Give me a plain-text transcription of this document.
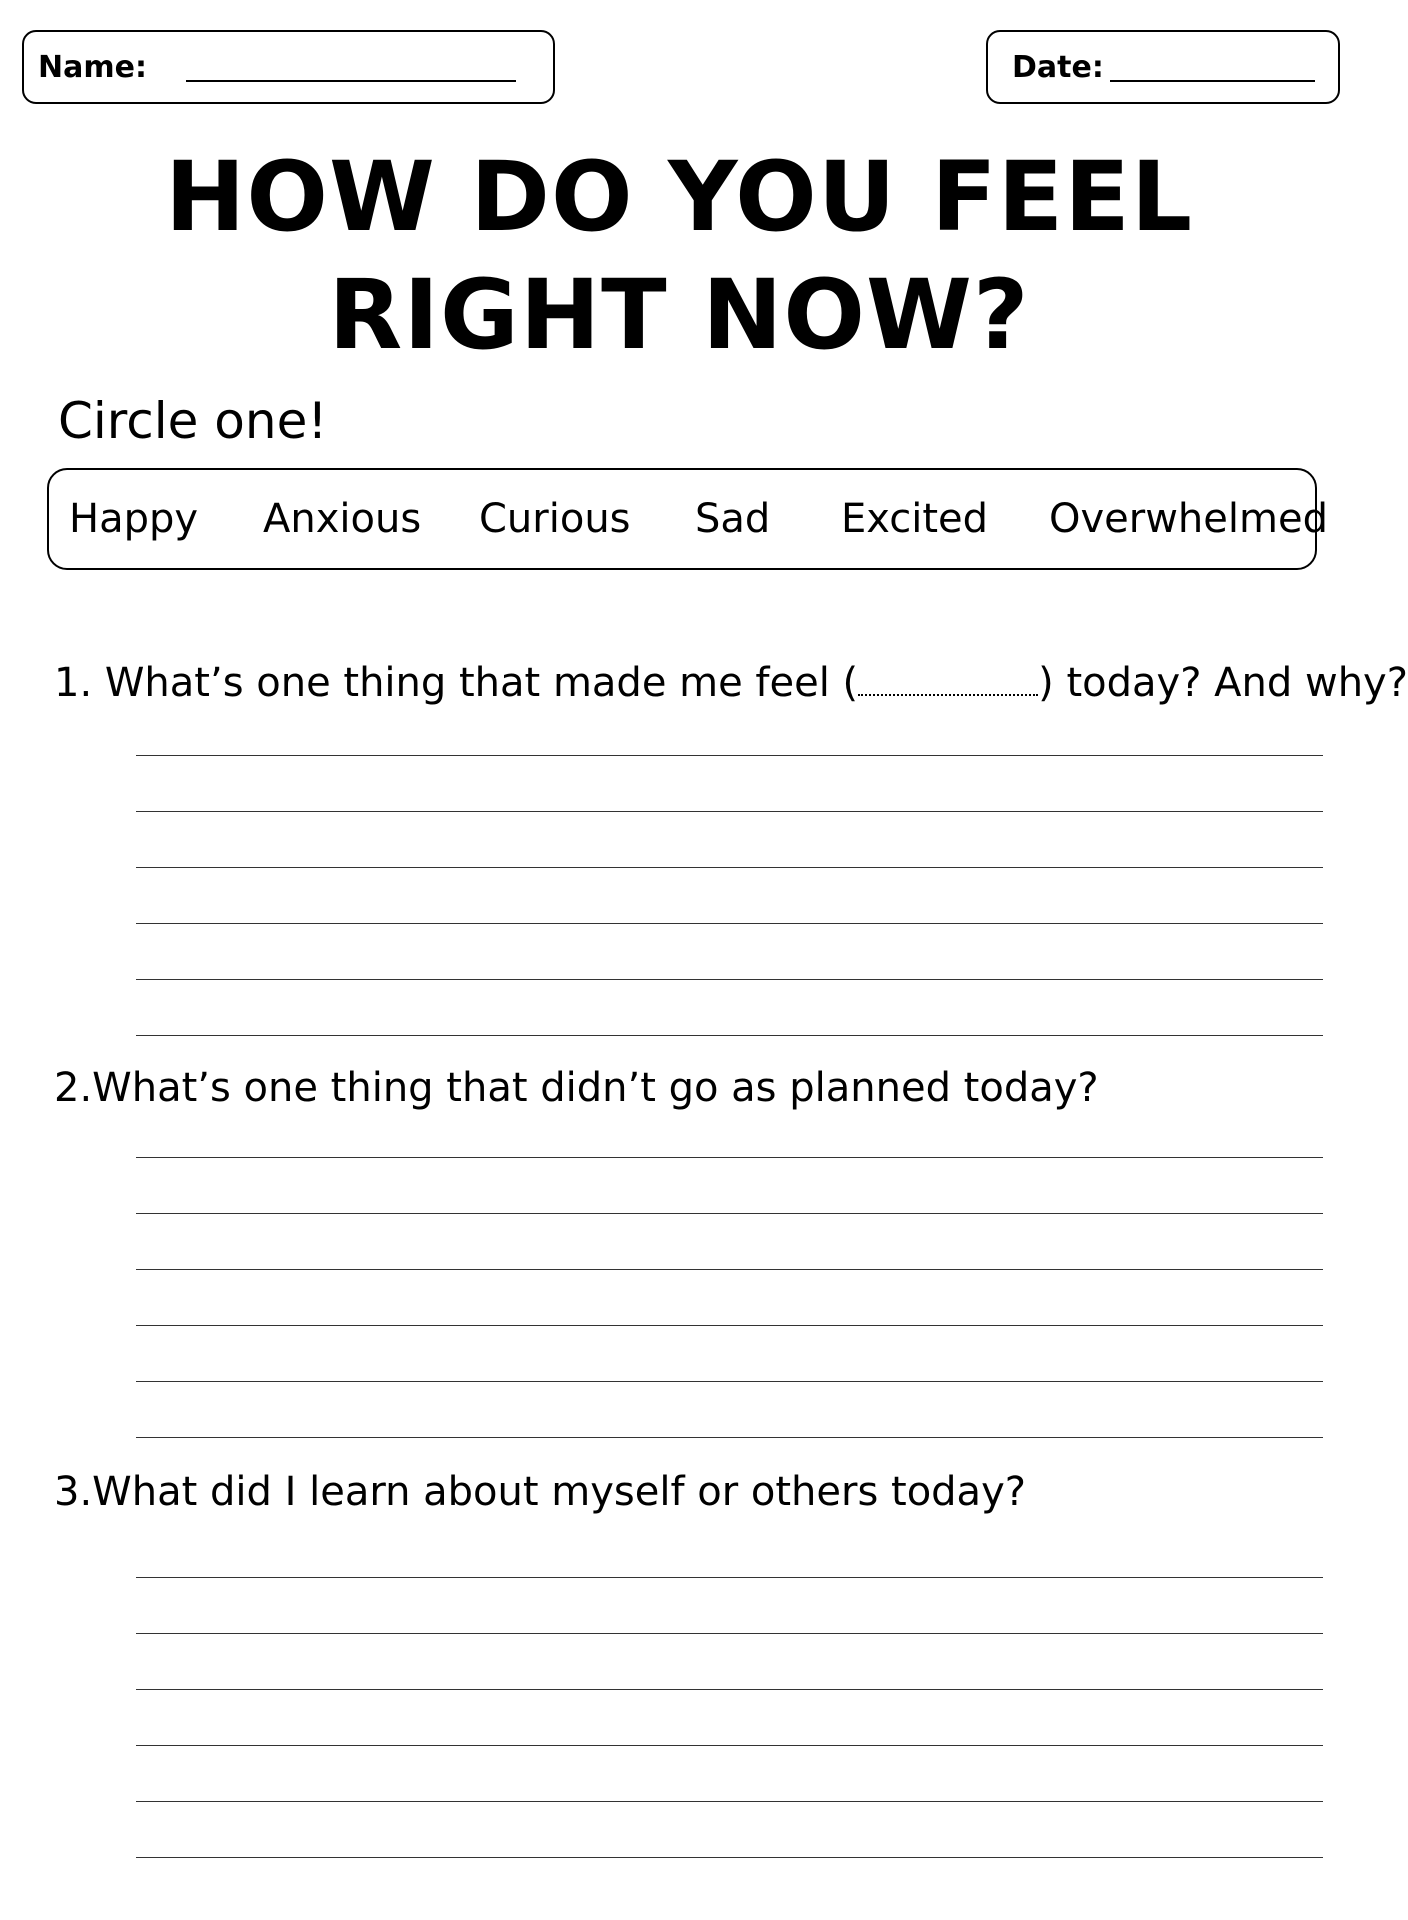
Name:	Date:
HOW DO YOU FEEL
RIGHT NOW?

Circle one!

Happy Anxious Curious Sad Excited Overwhelmed

1. What’s one thing that made me feel (	) today? And why?

2.What’s one thing that didn’t go as planned today?

3.What did I learn about myself or others today?
